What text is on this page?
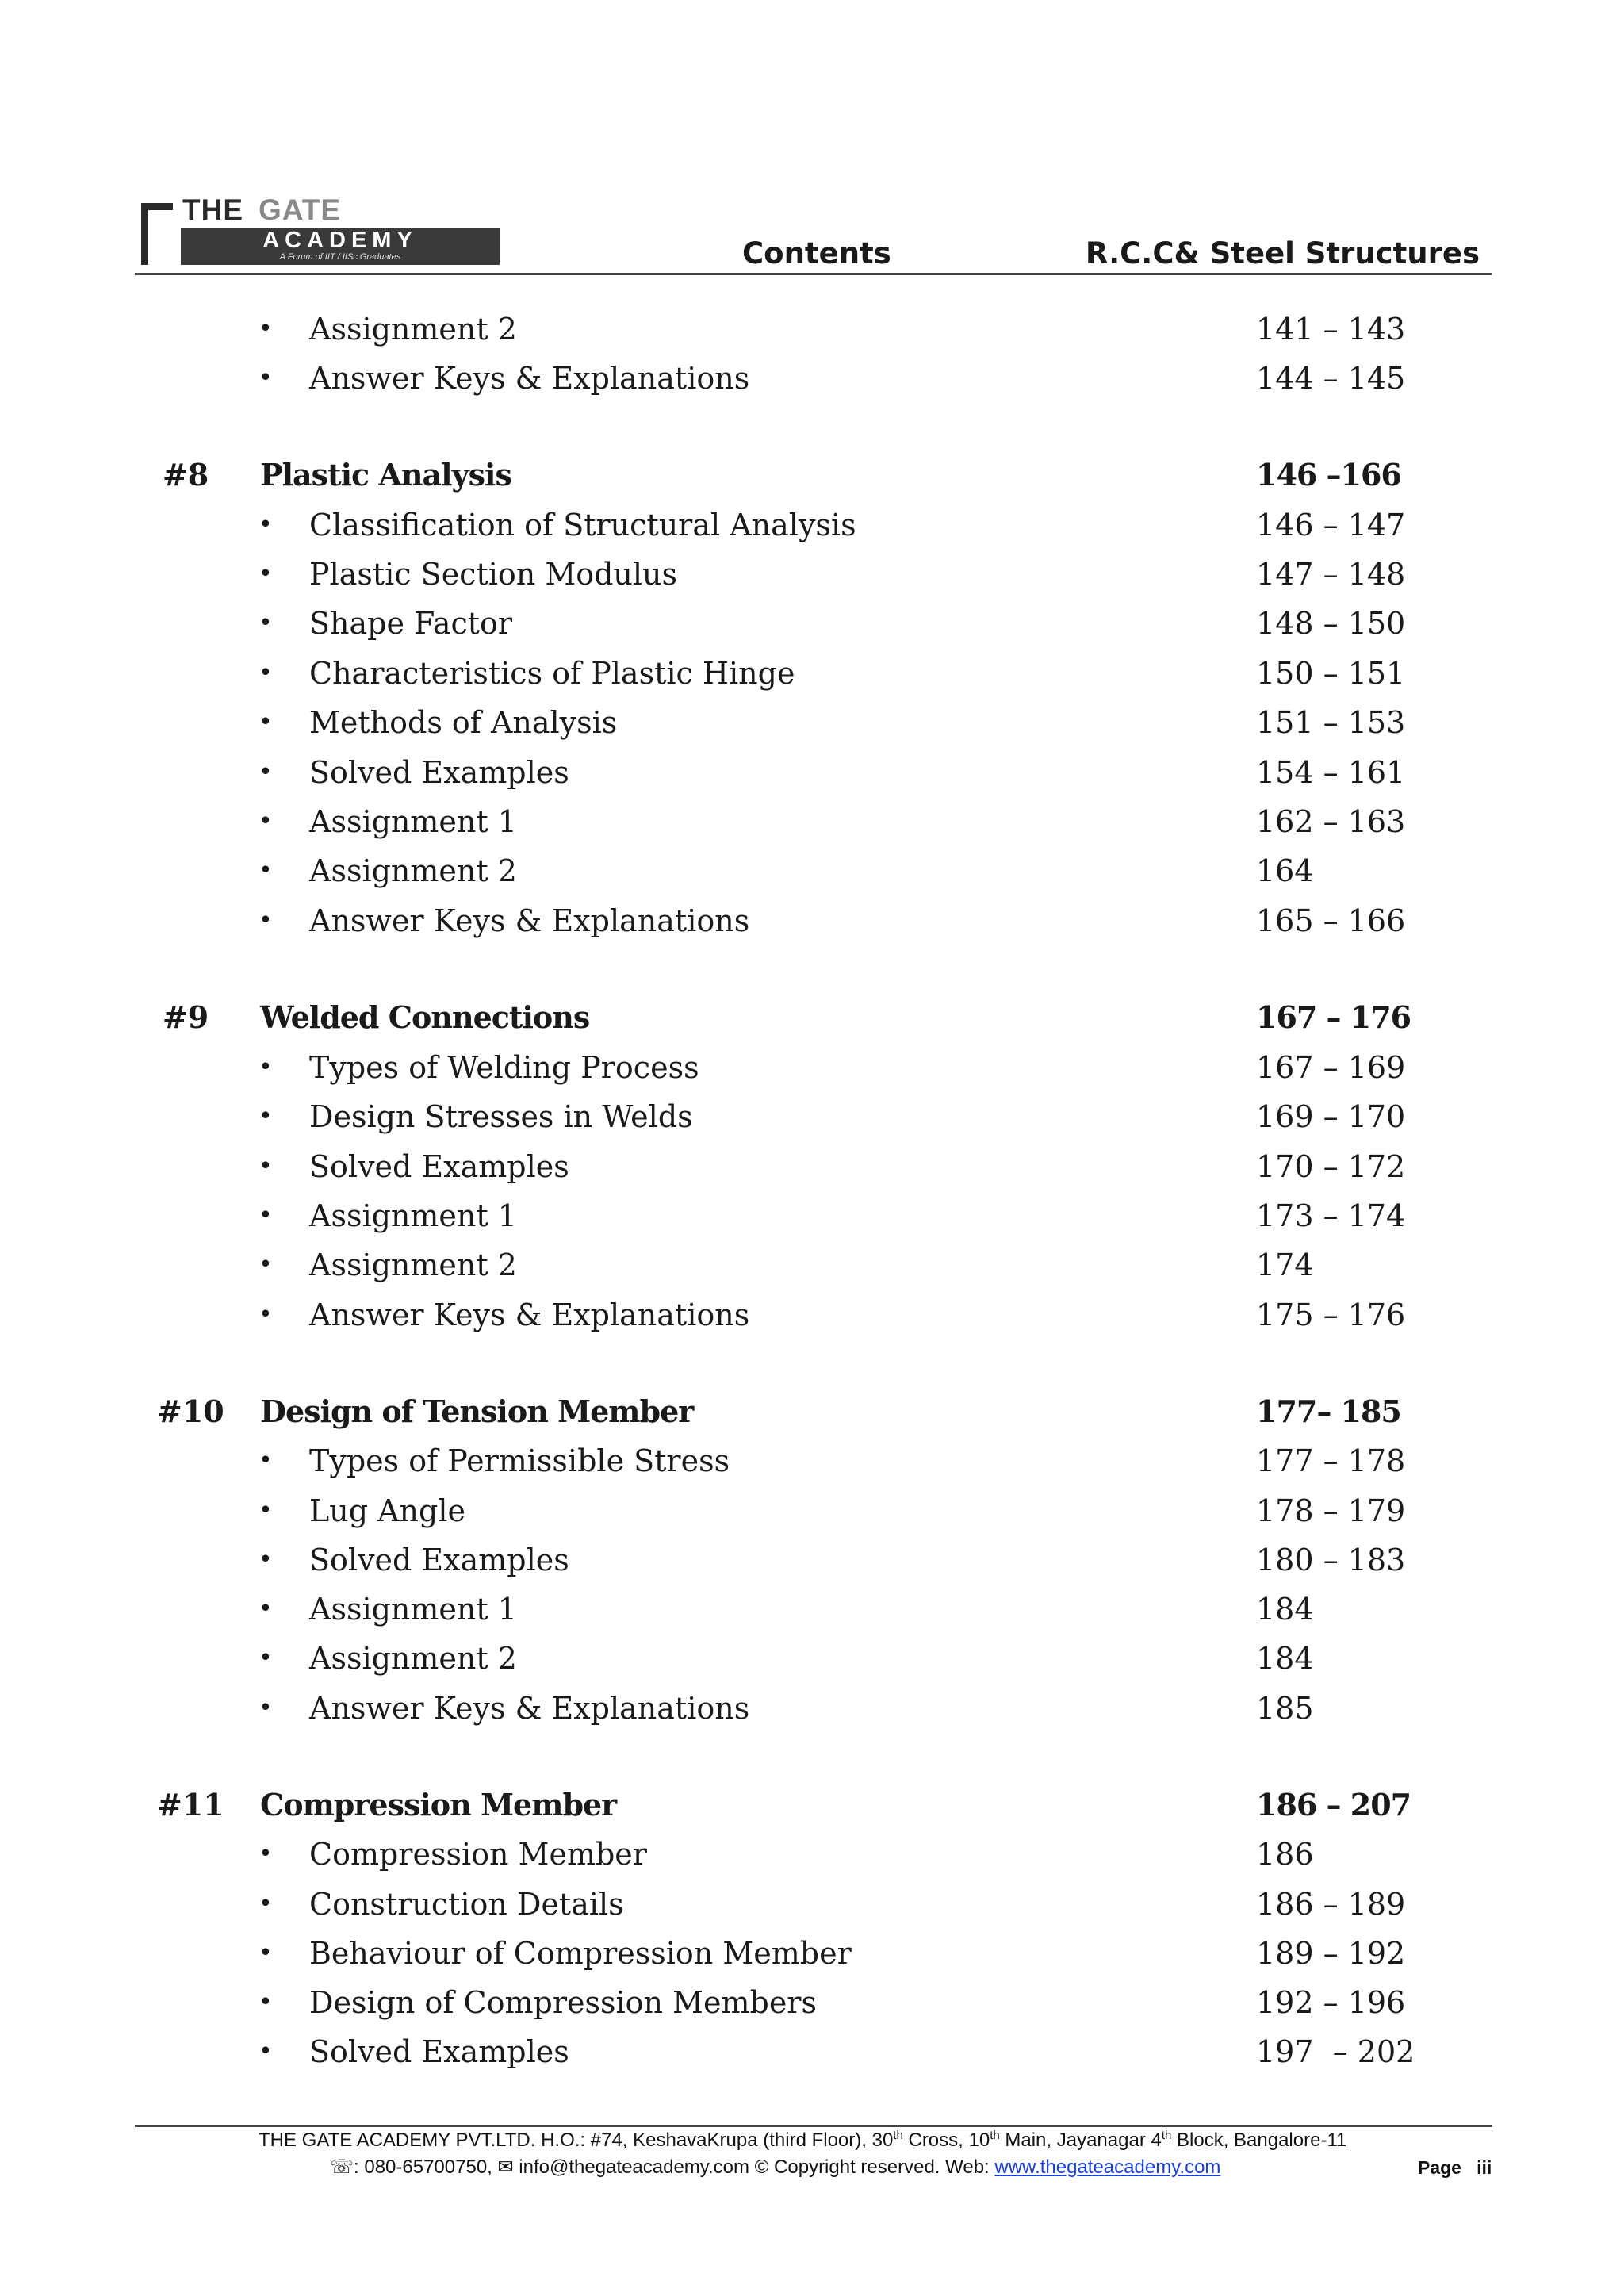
THE GATE
ACADEMY
A Forum of IIT / IISc Graduates	Contents	R.C.C& Steel Structures
• Assignment 2	141 – 143
• Answer Keys & Explanations	144 – 145
#8 Plastic Analysis	146 –166
• Classification of Structural Analysis	146 – 147
• Plastic Section Modulus	147 – 148
• Shape Factor	148 – 150
• Characteristics of Plastic Hinge	150 – 151
• Methods of Analysis	151 – 153
• Solved Examples	154 – 161
• Assignment 1	162 – 163
• Assignment 2	164
• Answer Keys & Explanations	165 – 166
#9 Welded Connections	167 – 176
• Types of Welding Process	167 – 169
• Design Stresses in Welds	169 – 170
• Solved Examples	170 – 172
• Assignment 1	173 – 174
• Assignment 2	174
• Answer Keys & Explanations	175 – 176
#10 Design of Tension Member	177– 185
• Types of Permissible Stress	177 – 178
• Lug Angle	178 – 179
• Solved Examples	180 – 183
• Assignment 1	184
• Assignment 2	184
• Answer Keys & Explanations	185
#11 Compression Member	186 – 207
• Compression Member	186
• Construction Details	186 – 189
• Behaviour of Compression Member	189 – 192
• Design of Compression Members	192 – 196
• Solved Examples	197  – 202
THE GATE ACADEMY PVT.LTD. H.O.: #74, KeshavaKrupa (third Floor), 30th Cross, 10th Main, Jayanagar 4th Block, Bangalore-11
☏: 080-65700750, ✉ info@thegateacademy.com © Copyright reserved. Web: www.thegateacademy.com	Page   iii
